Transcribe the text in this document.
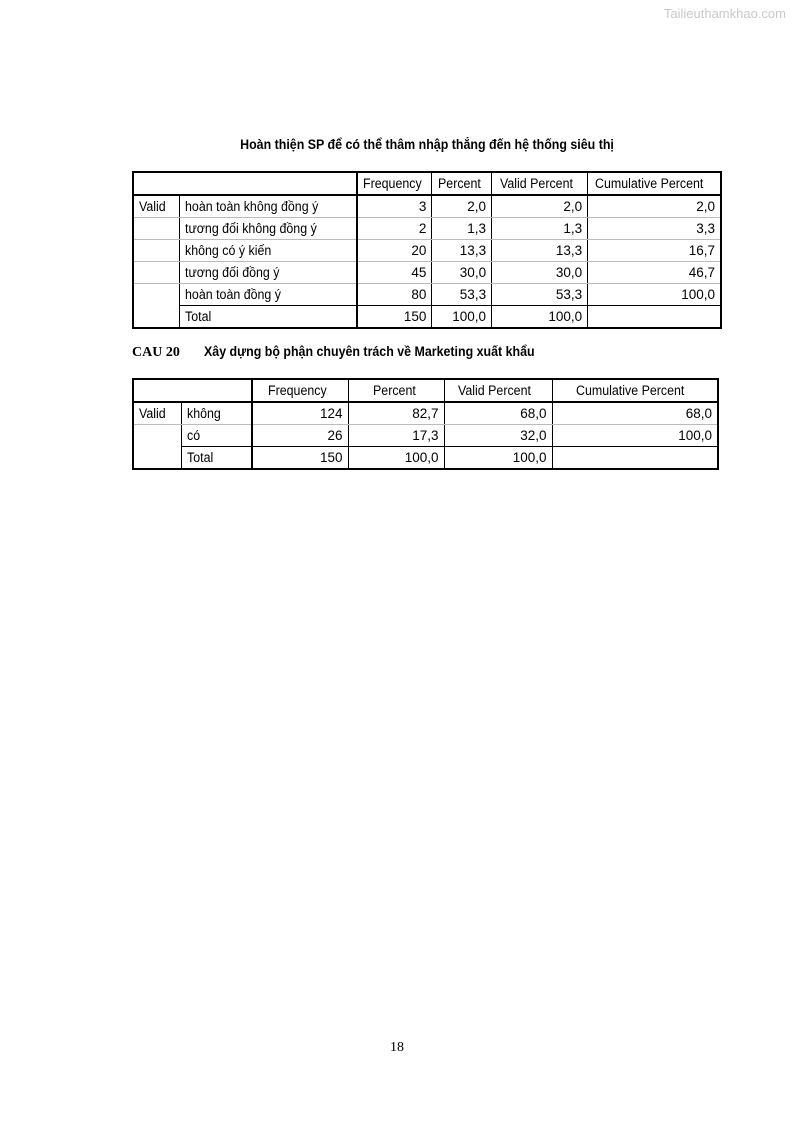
Tailieuthamkhao.com
Hoàn thiện SP để có thể thâm nhập thẳng đến hệ thống siêu thị
		Frequency	Percent	Valid Percent	Cumulative Percent
Valid	hoàn toàn không đồng ý	3	2,0	2,0	2,0
	tương đối không đồng ý	2	1,3	1,3	3,3
	không có ý kiến	20	13,3	13,3	16,7
	tương đối đồng ý	45	30,0	30,0	46,7
	hoàn toàn đồng ý	80	53,3	53,3	100,0
	Total	150	100,0	100,0	
CAU 20 Xây dựng bộ phận chuyên trách về Marketing xuất khẩu
		Frequency	Percent	Valid Percent	Cumulative Percent
Valid	không	124	82,7	68,0	68,0
	có	26	17,3	32,0	100,0
	Total	150	100,0	100,0	
18
